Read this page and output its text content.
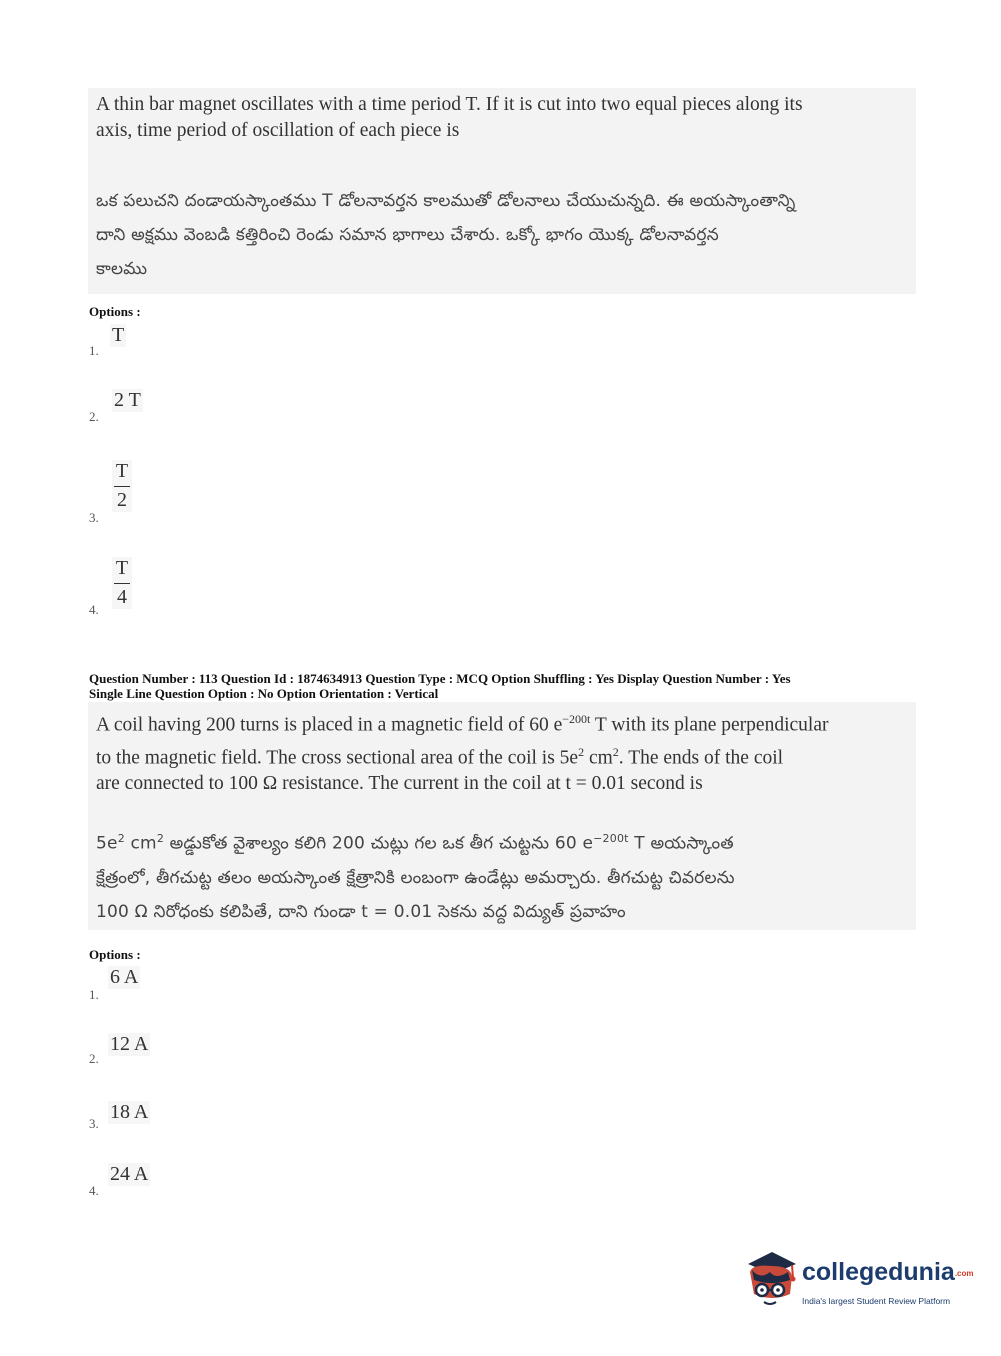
A thin bar magnet oscillates with a time period T. If it is cut into two equal pieces along its
axis, time period of oscillation of each piece is
ఒక పలుచని దండాయస్కాంతము T డోలనావర్తన కాలముతో డోలనాలు చేయుచున్నది. ఈ అయస్కాంతాన్ని
దాని అక్షము వెంబడి కత్తిరించి రెండు సమాన భాగాలు చేశారు. ఒక్కో భాగం యొక్క డోలనావర్తన
కాలము
Options :
1.
T
2.
2 T
3.
T
2
4.
T
4
Question Number : 113 Question Id : 1874634913 Question Type : MCQ Option Shuffling : Yes Display Question Number : Yes
Single Line Question Option : No Option Orientation : Vertical
A coil having 200 turns is placed in a magnetic field of 60 $e^{-200t}$ T with its plane perpendicular
to the magnetic field. The cross sectional area of the coil is $5e^2$ $cm^2$. The ends of the coil
are connected to 100 Ω resistance. The current in the coil at t = 0.01 second is
$5e^2$ $cm^2$ అడ్డుకోత వైశాల్యం కలిగి 200 చుట్లు గల ఒక తీగ చుట్టను 60 $e^{-200t}$ T అయస్కాంత
క్షేత్రంలో, తీగచుట్ట తలం అయస్కాంత క్షేత్రానికి లంబంగా ఉండేట్లు అమర్చారు. తీగచుట్ట చివరలను
100 Ω నిరోధంకు కలిపితే, దాని గుండా t = 0.01 సెకను వద్ద విద్యుత్ ప్రవాహం
Options :
1.
6 A
2.
12 A
3.
18 A
4.
24 A
collegedunia.com
India's largest Student Review Platform
